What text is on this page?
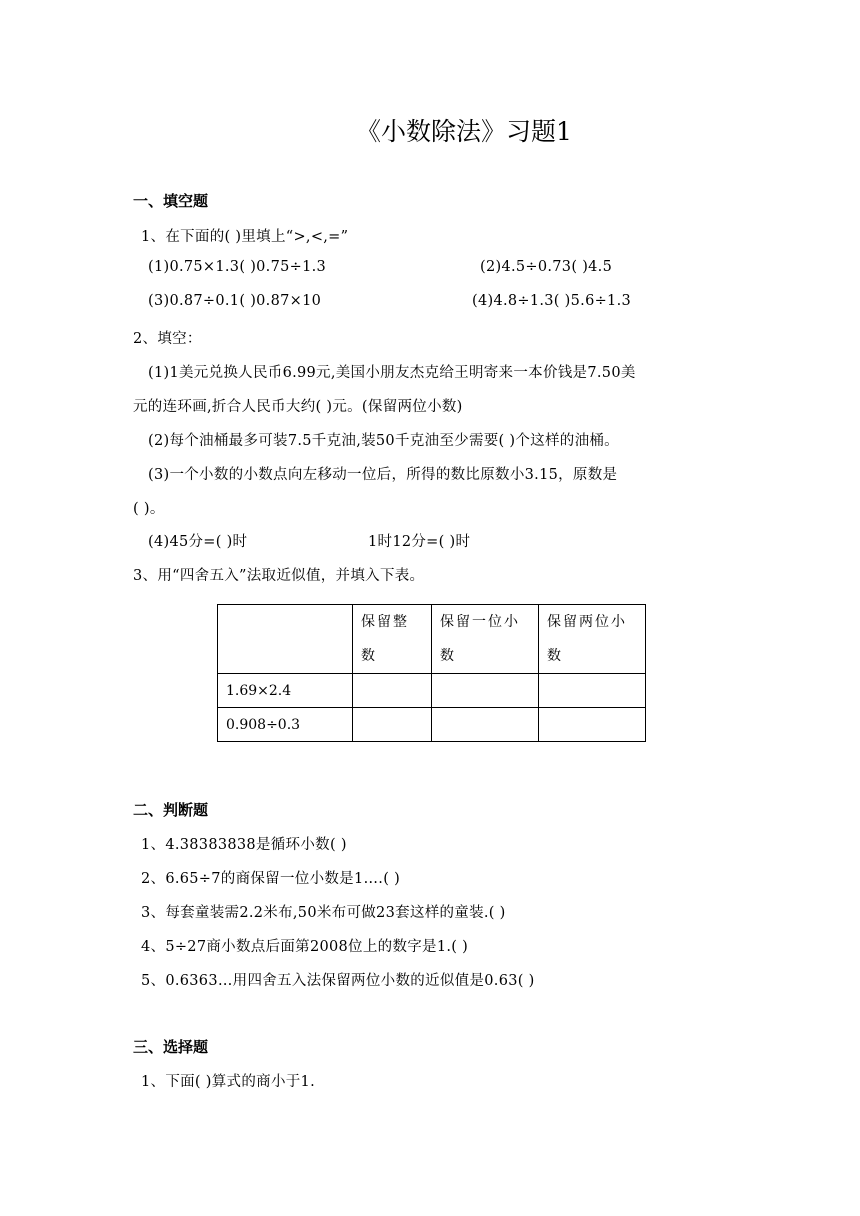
《小数除法》习题1
一、填空题
1、在下面的( )里填上“>,<,=”
(1)0.75×1.3( )0.75÷1.3	(2)4.5÷0.73( )4.5
(3)0.87÷0.1( )0.87×10	(4)4.8÷1.3( )5.6÷1.3
2、填空：
(1)1美元兑换人民币6.99元,美国小朋友杰克给王明寄来一本价钱是7.50美
元的连环画,折合人民币大约( )元。(保留两位小数)
(2)每个油桶最多可装7.5千克油,装50千克油至少需要( )个这样的油桶。
(3)一个小数的小数点向左移动一位后，所得的数比原数小3.15，原数是
( )。
(4)45分=( )时	1时12分=( )时
3、用“四舍五入”法取近似值，并填入下表。
	保留整数	保留一位小数	保留两位小数
1.69×2.4			
0.908÷0.3			
二、判断题
1、4.38383838是循环小数( )
2、6.65÷7的商保留一位小数是1….( )
3、每套童装需2.2米布,50米布可做23套这样的童装.( )
4、5÷27商小数点后面第2008位上的数字是1.( )
5、0.6363…用四舍五入法保留两位小数的近似值是0.63( )
三、选择题
1、下面( )算式的商小于1.
